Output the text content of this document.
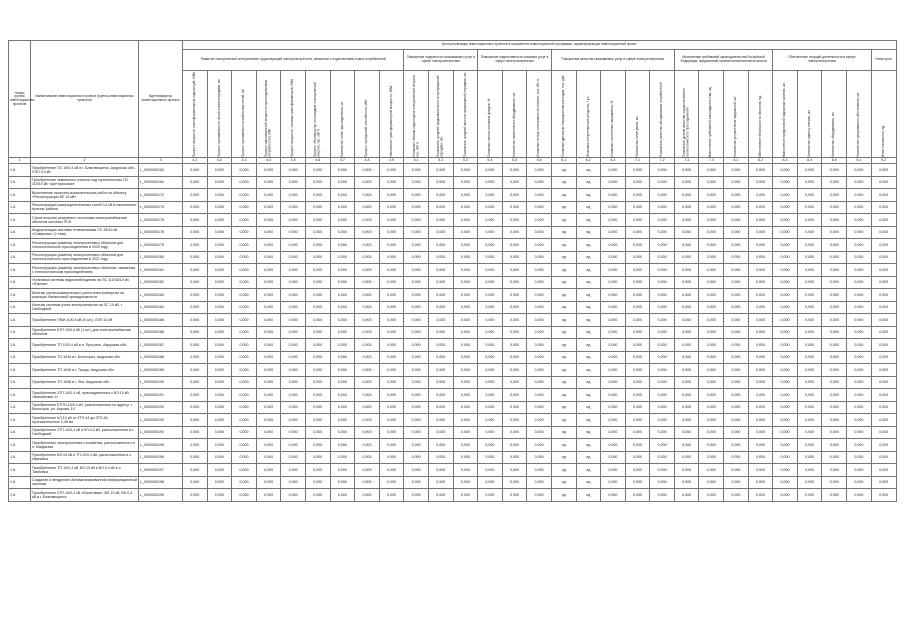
Номер группы инвестиционных проектов	Наименование инвестиционного проекта (группы инвестиционных проектов)	Идентификатор инвестиционного проекта	Цели реализации инвестиционных проектов в показателях инвестиционной программы, характеризующих инвестиционный проект																												
			Развитие электрической сети/усиление существующей электрической сети, связанное с подключением новых потребителей									Повышение надежности оказываемых услуг в сфере электроэнергетики			Повышение эффективности оказания услуг в сфере электроэнергетики			Повышение качества оказываемых услуг в сфере электроэнергетики					Выполнение требований законодательства Российской Федерации, предписаний органов исполнительной власти				Обеспечение текущей деятельности в сфере электроэнергетики				Иные цели

			Прирост мощности трансформаторных подстанций, МВА	Прирост протяженности линий электропередачи, км	Прирост протяженности кабельных линий, км	Прирост максимальной мощности присоединяемых потребителей, МВт	Прирост мощности силовых трансформаторов, МВА	Прирост объема услуг по передаче электрической энергии, тыс. кВт·ч	Количество точек присоединения, шт.	Прирост пропускной способности, МВт	Увеличение трансформаторной мощности, МВА	Снижение объема недоотпуска электрической энергии, тыс. кВт·ч	Показатель средней продолжительности прекращений передачи, час	Показатель средней частоты прекращений передачи, шт.	Снижение износа основных фондов, %	Количество замененного оборудования, шт.	Снижение потерь электрической энергии, тыс. кВт·ч	Снижение удельных операционных расходов, тыс. руб.	Экономия энергетических ресурсов, т у.т.	Снижение отклонения напряжения, %	Количество точек учета, шт.	Показатель качества обслуживания потребителей	Показатель уровня качества осуществляемого технологического присоединения	Выполнение требований законодательства, ед.	Количество устраненных нарушений, шт.	Обеспечение безопасности объектов, ед.	Выполнение предписаний надзорных органов, шт.	Количество единиц техники, шт.	Количество оборудования, шт.	Количество программного обеспечения, шт.	Иные показатели, ед.

1	2	3	4.1	4.2	4.3	4.4	4.5	4.6	4.7	4.8	4.9	5.1	5.2	5.3	5.4	5.5	5.6	6.1	6.2	6.3	7.1	7.2	7.3	7.4	8.1	8.2	8.3	8.4	8.5	9.1	9.2
1.6.	Приобретение ПС 10/0,4 кВ в г. Благовещенск, Амурская обл., ЛЭП-0,4 кВ	L_0000000163	0,000	0,000	0,000	0,000	0,000	0,000	0,000	0,000	0,000	0,000	0,000	0,000	0,000	0,000	0,000	нд	нд	0,000	0,000	0,000	0,000	0,000	0,000	0,000	0,000	0,000	0,000	0,000	0,000
1.6.	Приобретение земельного участка под строительство ПС 110/10 кВ «Центральная»	L_0000000164	0,000	0,000	0,000	0,000	0,000	0,000	0,000	0,000	0,000	0,000	0,000	0,000	0,000	0,000	0,000	нд	нд	0,000	0,000	0,000	0,000	0,000	0,000	0,000	0,000	0,000	0,000	0,000	0,000
1.6.	Выполнение проектно-изыскательских работ по объекту «Реконструкция ВЛ 10 кВ»	L_0000000172	0,000	0,000	0,000	0,000	0,000	0,000	0,000	0,000	0,000	0,000	0,000	0,000	0,000	0,000	0,000	нд	нд	0,000	0,000	0,000	0,000	0,000	0,000	0,000	0,000	0,000	0,000	0,000	0,000
1.6.	Реконструкция распределительных сетей 0,4 кВ в населенных пунктах района	L_0000000175	0,000	0,000	0,000	0,000	0,000	0,000	0,000	0,000	0,000	0,000	0,000	0,000	0,000	0,000	0,000	нд	нд	0,000	0,000	0,000	0,000	0,000	0,000	0,000	0,000	0,000	0,000	0,000	0,000
1.6.	Строительство резервного источника электроснабжения объектов системы ПСН	L_0000000176	0,000	0,000	0,000	0,000	0,000	0,000	0,000	0,000	0,000	0,000	0,000	0,000	0,000	0,000	0,000	нд	нд	0,000	0,000	0,000	0,000	0,000	0,000	0,000	0,000	0,000	0,000	0,000	0,000
1.6.	Модернизация системы телемеханики ПС 35/10 кВ «Северная» (2 этап)	L_0000000178	0,000	0,000	0,000	0,000	0,000	0,000	0,000	0,000	0,000	0,000	0,000	0,000	0,000	0,000	0,000	нд	нд	0,000	0,000	0,000	0,000	0,000	0,000	0,000	0,000	0,000	0,000	0,000	0,000
1.6.	Реконструкция (замена) электросетевых объектов для технологического присоединения в 2020 году	L_0000000179	0,000	0,000	0,000	0,000	0,000	0,000	0,000	0,000	0,000	0,000	0,000	0,000	0,000	0,000	0,000	нд	нд	0,000	0,000	0,000	0,000	0,000	0,000	0,000	0,000	0,000	0,000	0,000	0,000
1.6.	Реконструкция (замена) электросетевых объектов для технологического присоединения в 2021 году	L_0000000180	0,000	0,000	0,000	0,000	0,000	0,000	0,000	0,000	0,000	0,000	0,000	0,000	0,000	0,000	0,000	нд	нд	0,000	0,000	0,000	0,000	0,000	0,000	0,000	0,000	0,000	0,000	0,000	0,000
1.6.	Реконструкция (замена) электросетевых объектов, связанная с технологическим присоединением	L_0000000181	0,000	0,000	0,000	0,000	0,000	0,000	0,000	0,000	0,000	0,000	0,000	0,000	0,000	0,000	0,000	нд	нд	0,000	0,000	0,000	0,000	0,000	0,000	0,000	0,000	0,000	0,000	0,000	0,000
1.6.	Установка системы видеонаблюдения на ПС 110/35/10 кВ «Южная»	L_0000000182	0,000	0,000	0,000	0,000	0,000	0,000	0,000	0,000	0,000	0,000	0,000	0,000	0,000	0,000	0,000	нд	нд	0,000	0,000	0,000	0,000	0,000	0,000	0,000	0,000	0,000	0,000	0,000	0,000
1.6.	Монтаж узлов коммерческого учета электроэнергии на границах балансовой принадлежности	L_0000000183	0,000	0,000	0,000	0,000	0,000	0,000	0,000	0,000	0,000	0,000	0,000	0,000	0,000	0,000	0,000	нд	нд	0,000	0,000	0,000	0,000	0,000	0,000	0,000	0,000	0,000	0,000	0,000	0,000
1.6.	Монтаж системы учета электроэнергии на ПС 10 кВ, г. Свободный	L_0000000184	0,000	0,000	0,000	0,000	0,000	0,000	0,000	0,000	0,000	0,000	0,000	0,000	0,000	0,000	0,000	нд	нд	0,000	0,000	0,000	0,000	0,000	0,000	0,000	0,000	0,000	0,000	0,000	0,000
1.6.	Приобретение ПМИ-10/0,4 кВ (5 шт.), ЛЭП 10 кВ	L_0000000185	0,000	0,000	0,000	0,000	0,000	0,000	0,000	0,000	0,000	0,000	0,000	0,000	0,000	0,000	0,000	нд	нд	0,000	0,000	0,000	0,000	0,000	0,000	0,000	0,000	0,000	0,000	0,000	0,000
1.6.	Приобретение КТП 10/0,4 кВ (1 шт.) для электроснабжения объектов	L_0000000186	0,000	0,000	0,000	0,000	0,000	0,000	0,000	0,000	0,000	0,000	0,000	0,000	0,000	0,000	0,000	нд	нд	0,000	0,000	0,000	0,000	0,000	0,000	0,000	0,000	0,000	0,000	0,000	0,000
1.6.	Приобретение ТП 10/0,4 кВ в п. Прогресс, Амурская обл.	L_0000000187	0,000	0,000	0,000	0,000	0,000	0,000	0,000	0,000	0,000	0,000	0,000	0,000	0,000	0,000	0,000	нд	нд	0,000	0,000	0,000	0,000	0,000	0,000	0,000	0,000	0,000	0,000	0,000	0,000
1.6.	Приобретение ТП-1044 в г. Белогорск, Амурская обл.	L_0000000188	0,000	0,000	0,000	0,000	0,000	0,000	0,000	0,000	0,000	0,000	0,000	0,000	0,000	0,000	0,000	нд	нд	0,000	0,000	0,000	0,000	0,000	0,000	0,000	0,000	0,000	0,000	0,000	0,000
1.6.	Приобретение ТП-1046 в г. Тында, Амурская обл.	L_0000000189	0,000	0,000	0,000	0,000	0,000	0,000	0,000	0,000	0,000	0,000	0,000	0,000	0,000	0,000	0,000	нд	нд	0,000	0,000	0,000	0,000	0,000	0,000	0,000	0,000	0,000	0,000	0,000	0,000
1.6.	Приобретение ТП-1048 в г. Зея, Амурская обл.	L_0000000190	0,000	0,000	0,000	0,000	0,000	0,000	0,000	0,000	0,000	0,000	0,000	0,000	0,000	0,000	0,000	нд	нд	0,000	0,000	0,000	0,000	0,000	0,000	0,000	0,000	0,000	0,000	0,000	0,000
1.6.	Приобретение ЗТП-10/0,4 кВ, присоединенных к ВЛ-10 кВ «Шимановск-1»	L_0000000191	0,000	0,000	0,000	0,000	0,000	0,000	0,000	0,000	0,000	0,000	0,000	0,000	0,000	0,000	0,000	нд	нд	0,000	0,000	0,000	0,000	0,000	0,000	0,000	0,000	0,000	0,000	0,000	0,000
1.6.	Приобретение КТПН-10/0,4 кВ, расположенных по адресу: г. Белогорск, ул. Кирова, 10	L_0000000192	0,000	0,000	0,000	0,000	0,000	0,000	0,000	0,000	0,000	0,000	0,000	0,000	0,000	0,000	0,000	нд	нд	0,000	0,000	0,000	0,000	0,000	0,000	0,000	0,000	0,000	0,000	0,000	0,000
1.6.	Приобретение КЛ-10 кВ от ЗТП-44 до ЗТП-45, протяженностью 0,45 км	L_0000000193	0,000	0,000	0,000	0,000	0,000	0,000	0,000	0,000	0,000	0,000	0,000	0,000	0,000	0,000	0,000	нд	нд	0,000	0,000	0,000	0,000	0,000	0,000	0,000	0,000	0,000	0,000	0,000	0,000
1.6.	Приобретение ЗТП-10/0,4 кВ и КЛ-0,4 кВ, расположенных в г. Свободный	L_0000000194	0,000	0,000	0,000	0,000	0,000	0,000	0,000	0,000	0,000	0,000	0,000	0,000	0,000	0,000	0,000	нд	нд	0,000	0,000	0,000	0,000	0,000	0,000	0,000	0,000	0,000	0,000	0,000	0,000
1.6.	Приобретение электросетевого хозяйства, расположенного в п. Магдагачи	L_0000000195	0,000	0,000	0,000	0,000	0,000	0,000	0,000	0,000	0,000	0,000	0,000	0,000	0,000	0,000	0,000	нд	нд	0,000	0,000	0,000	0,000	0,000	0,000	0,000	0,000	0,000	0,000	0,000	0,000
1.6.	Приобретение ВЛ-10 кВ и ТП-10/0,4 кВ, расположенных в с. Ивановка	L_0000000196	0,000	0,000	0,000	0,000	0,000	0,000	0,000	0,000	0,000	0,000	0,000	0,000	0,000	0,000	0,000	нд	нд	0,000	0,000	0,000	0,000	0,000	0,000	0,000	0,000	0,000	0,000	0,000	0,000
1.6.	Приобретение ТП-10/0,4 кВ, ВЛ-10 кВ и ВЛ-0,4 кВ в с. Тамбовка	L_0000000197	0,000	0,000	0,000	0,000	0,000	0,000	0,000	0,000	0,000	0,000	0,000	0,000	0,000	0,000	0,000	нд	нд	0,000	0,000	0,000	0,000	0,000	0,000	0,000	0,000	0,000	0,000	0,000	0,000
1.6.	Создание и внедрение Автоматизированной информационной системы	L_0000000198	0,000	0,000	0,000	0,000	0,000	0,000	0,000	0,000	0,000	0,000	0,000	0,000	0,000	0,000	0,000	нд	нд	0,000	0,000	0,000	0,000	0,000	0,000	0,000	0,000	0,000	0,000	0,000	0,000
1.6.	Приобретение КТП-10/0,4 кВ «Береговая», ВЛ-10 кВ, ВЛ-0,4 кВ в г. Благовещенск	L_0000000199	0,000	0,000	0,000	0,000	0,000	0,000	0,000	0,000	0,000	0,000	0,000	0,000	0,000	0,000	0,000	нд	нд	0,000	0,000	0,000	0,000	0,000	0,000	0,000	0,000	0,000	0,000	0,000	0,000
